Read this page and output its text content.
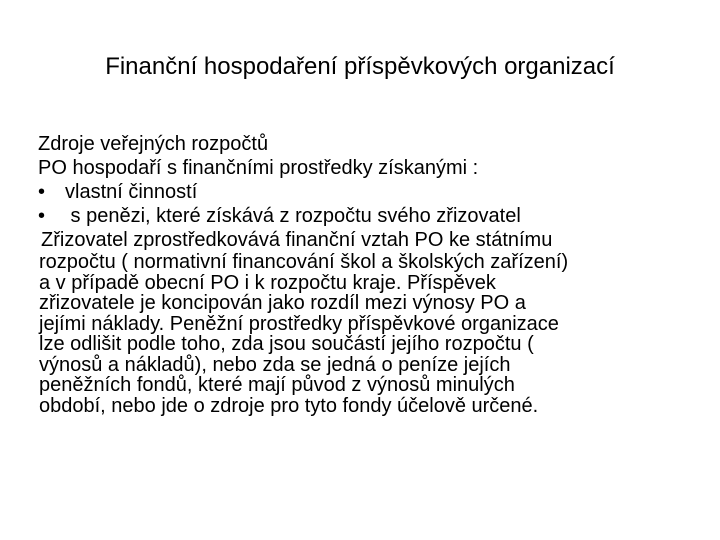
Finanční hospodaření příspěvkových organizací
Zdroje veřejných rozpočtů
PO hospodaří s finančními prostředky získanými :
• vlastní činností
• s penězi, které získává z rozpočtu svého zřizovatel
Zřizovatel zprostředkovává finanční vztah PO ke státnímu
rozpočtu ( normativní financování škol a školských zařízení)
a v případě obecní PO i k rozpočtu kraje. Příspěvek
zřizovatele je koncipován jako rozdíl mezi výnosy PO a
jejími náklady. Peněžní prostředky příspěvkové organizace
lze odlišit podle toho, zda jsou součástí jejího rozpočtu (
výnosů a nákladů), nebo zda se jedná o peníze jejích
peněžních fondů, které mají původ z výnosů minulých
období, nebo jde o zdroje pro tyto fondy účelově určené.
